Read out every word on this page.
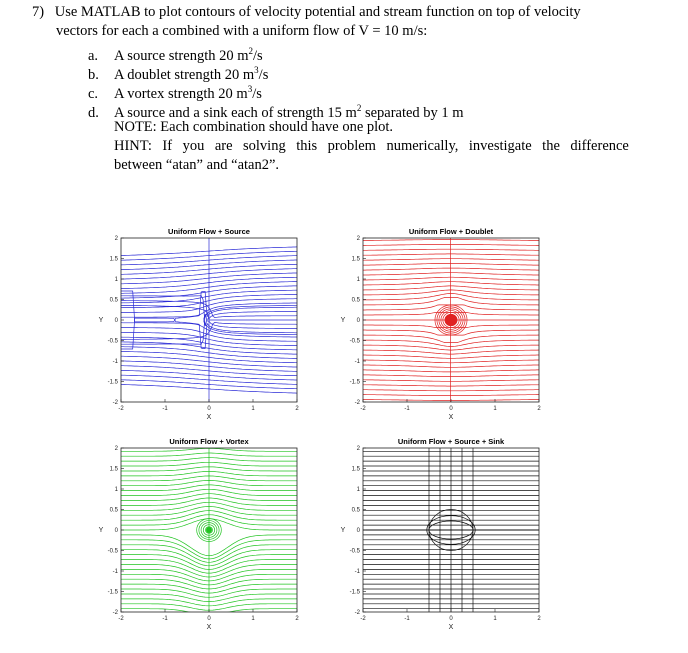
7) Use MATLAB to plot contours of velocity potential and stream function on top of velocity
vectors for each a combined with a uniform flow of V = 10 m/s:
a. A source strength 20 $m^2/s$
b. A doublet strength 20 $m^3/s$
c. A vortex strength 20 $m^3/s$
d. A source and a sink each of strength 15 $m^2$ separated by 1 m
NOTE: Each combination should have one plot.
HINT: If you are solving this problem numerically, investigate the difference
between “atan” and “atan2”.
Uniform Flow + Source
-2	-1	0	1	2
2
1.5
1
0.5
0
-0.5
-1
-1.5
-2
X
Y
Uniform Flow + Doublet
-2	-1	0	1	2
2
1.5
1
0.5
0
-0.5
-1
-1.5
-2
X
Y
Uniform Flow + Vortex
-2	-1	0	1	2
2
1.5
1
0.5
0
-0.5
-1
-1.5
-2
X
Y
Uniform Flow + Source + Sink
-2	-1	0	1	2
2
1.5
1
0.5
0
-0.5
-1
-1.5
-2
X
Y
